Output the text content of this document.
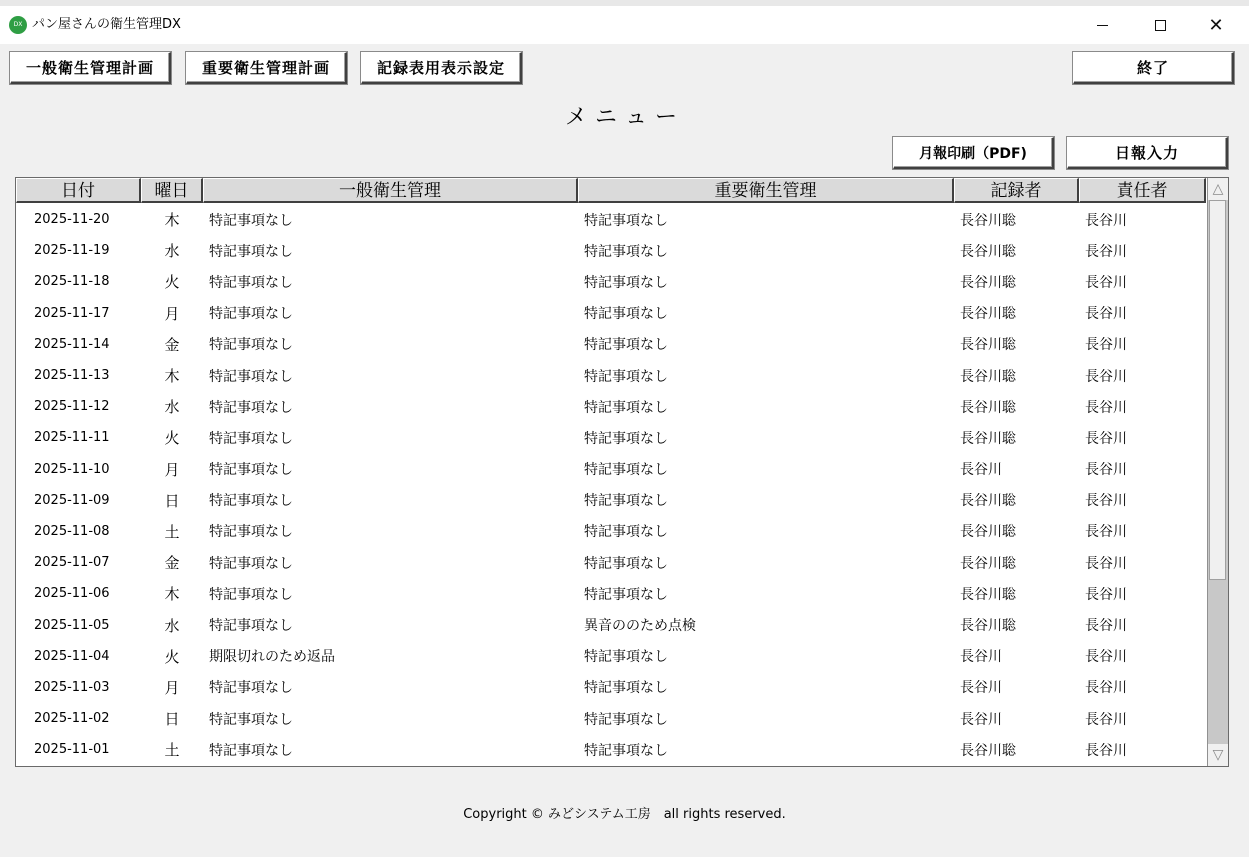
DX パン屋さんの衛生管理DX	✕
一般衛生管理計画	重要衛生管理計画	記録表用表示設定	終了
メニュー
月報印刷（PDF)	日報入力
日付	曜日	一般衛生管理	重要衛生管理	記録者	責任者
2025-11-20	木	特記事項なし	特記事項なし	長谷川聡	長谷川
2025-11-19	水	特記事項なし	特記事項なし	長谷川聡	長谷川
2025-11-18	火	特記事項なし	特記事項なし	長谷川聡	長谷川
2025-11-17	月	特記事項なし	特記事項なし	長谷川聡	長谷川
2025-11-14	金	特記事項なし	特記事項なし	長谷川聡	長谷川
2025-11-13	木	特記事項なし	特記事項なし	長谷川聡	長谷川
2025-11-12	水	特記事項なし	特記事項なし	長谷川聡	長谷川
2025-11-11	火	特記事項なし	特記事項なし	長谷川聡	長谷川
2025-11-10	月	特記事項なし	特記事項なし	長谷川	長谷川
2025-11-09	日	特記事項なし	特記事項なし	長谷川聡	長谷川
2025-11-08	土	特記事項なし	特記事項なし	長谷川聡	長谷川
2025-11-07	金	特記事項なし	特記事項なし	長谷川聡	長谷川
2025-11-06	木	特記事項なし	特記事項なし	長谷川聡	長谷川
2025-11-05	水	特記事項なし	異音ののため点検	長谷川聡	長谷川
2025-11-04	火	期限切れのため返品	特記事項なし	長谷川	長谷川
2025-11-03	月	特記事項なし	特記事項なし	長谷川	長谷川
2025-11-02	日	特記事項なし	特記事項なし	長谷川	長谷川
2025-11-01	土	特記事項なし	特記事項なし	長谷川聡	長谷川
△
▽
Copyright © みどシステム工房　all rights reserved.
